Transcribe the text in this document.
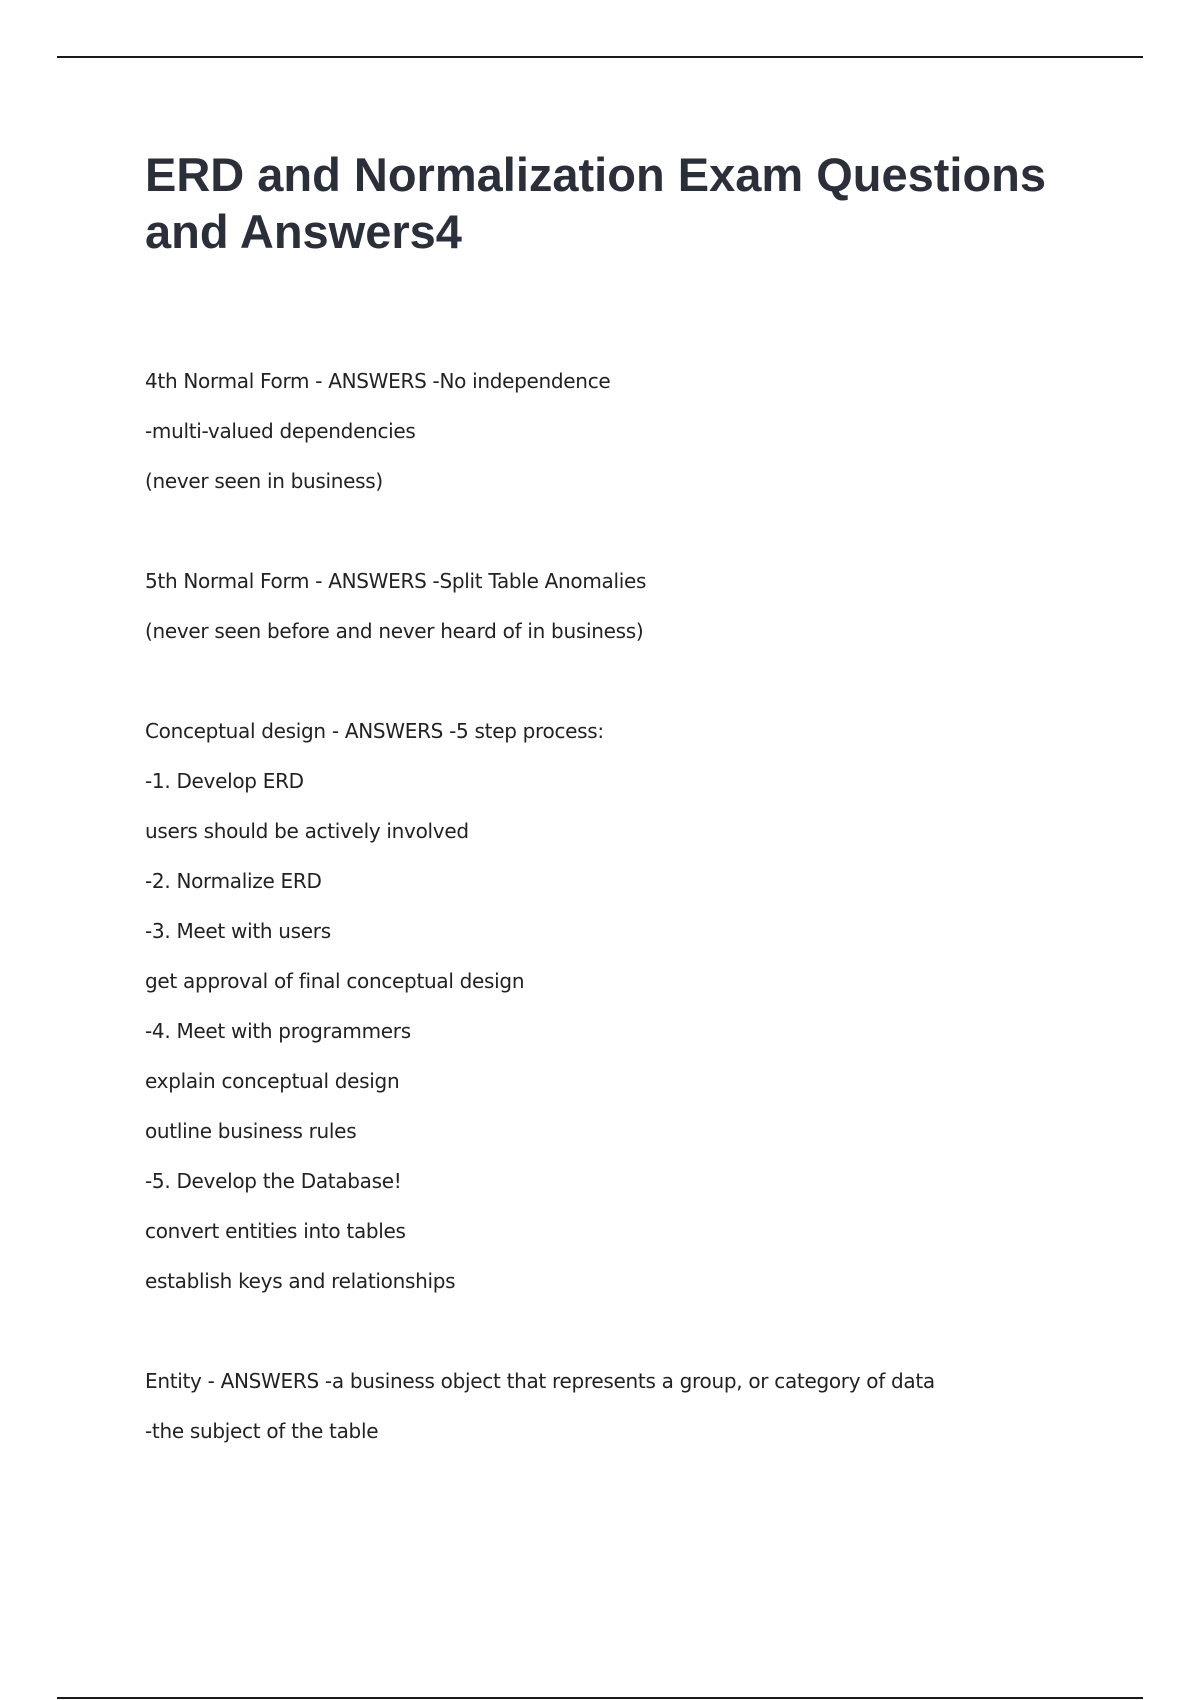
ERD and Normalization Exam Questions and Answers4
4th Normal Form - ANSWERS -No independence
-multi-valued dependencies
(never seen in business)
5th Normal Form - ANSWERS -Split Table Anomalies
(never seen before and never heard of in business)
Conceptual design - ANSWERS -5 step process:
-1. Develop ERD
users should be actively involved
-2. Normalize ERD
-3. Meet with users
get approval of final conceptual design
-4. Meet with programmers
explain conceptual design
outline business rules
-5. Develop the Database!
convert entities into tables
establish keys and relationships
Entity - ANSWERS -a business object that represents a group, or category of data
-the subject of the table
